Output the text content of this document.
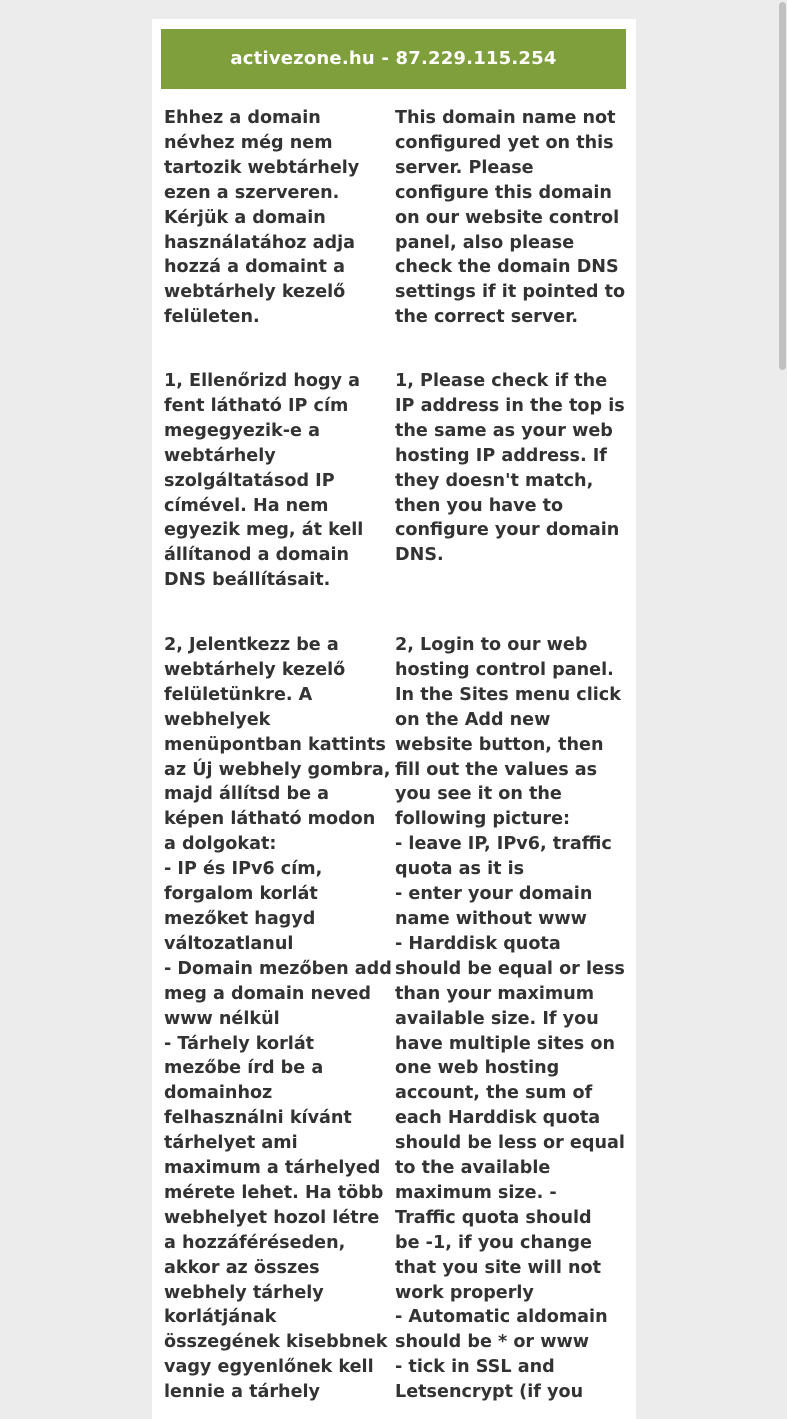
activezone.hu - 87.229.115.254
Ehhez a domain
névhez még nem
tartozik webtárhely
ezen a szerveren.
Kérjük a domain
használatához adja
hozzá a domaint a
webtárhely kezelő
felületen.
This domain name not
configured yet on this
server. Please
configure this domain
on our website control
panel, also please
check the domain DNS
settings if it pointed to
the correct server.
1, Ellenőrizd hogy a
fent látható IP cím
megegyezik-e a
webtárhely
szolgáltatásod IP
címével. Ha nem
egyezik meg, át kell
állítanod a domain
DNS beállításait.
1, Please check if the
IP address in the top is
the same as your web
hosting IP address. If
they doesn't match,
then you have to
configure your domain
DNS.
2, Jelentkezz be a
webtárhely kezelő
felületünkre. A
webhelyek
menüpontban kattints
az Új webhely gombra,
majd állítsd be a
képen látható modon
a dolgokat:
- IP és IPv6 cím,
forgalom korlát
mezőket hagyd
változatlanul
- Domain mezőben add
meg a domain neved
www nélkül
- Tárhely korlát
mezőbe írd be a
domainhoz
felhasználni kívánt
tárhelyet ami
maximum a tárhelyed
mérete lehet. Ha több
webhelyet hozol létre
a hozzáféréseden,
akkor az összes
webhely tárhely
korlátjának
összegének kisebbnek
vagy egyenlőnek kell
lennie a tárhely
2, Login to our web
hosting control panel.
In the Sites menu click
on the Add new
website button, then
fill out the values as
you see it on the
following picture:
- leave IP, IPv6, traffic
quota as it is
- enter your domain
name without www
- Harddisk quota
should be equal or less
than your maximum
available size. If you
have multiple sites on
one web hosting
account, the sum of
each Harddisk quota
should be less or equal
to the available
maximum size. -
Traffic quota should
be -1, if you change
that you site will not
work properly
- Automatic aldomain
should be * or www
- tick in SSL and
Letsencrypt (if you
